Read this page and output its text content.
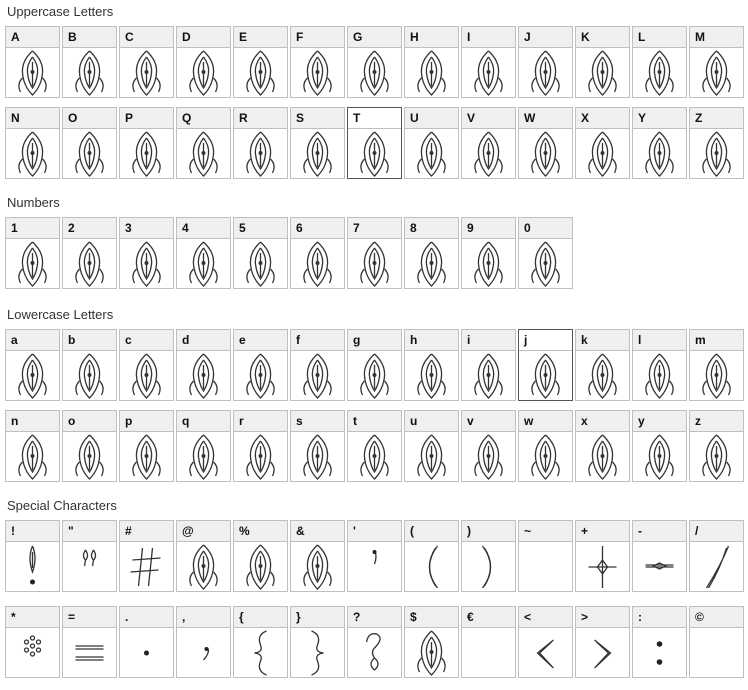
Uppercase Letters
A	B	C	D	E	F	G	H	I	J	K	L	M
N	O	P	Q	R	S	T	U	V	W	X	Y	Z
Numbers
1	2	3	4	5	6	7	8	9	0
Lowercase Letters
a	b	c	d	e	f	g	h	i	j	k	l	m
n	o	p	q	r	s	t	u	v	w	x	y	z
Special Characters
!	"	#	@	%	&	'	(	)	~	+	-	/
*	=	.	,	{	}	?	$	€	<	>	:	©
